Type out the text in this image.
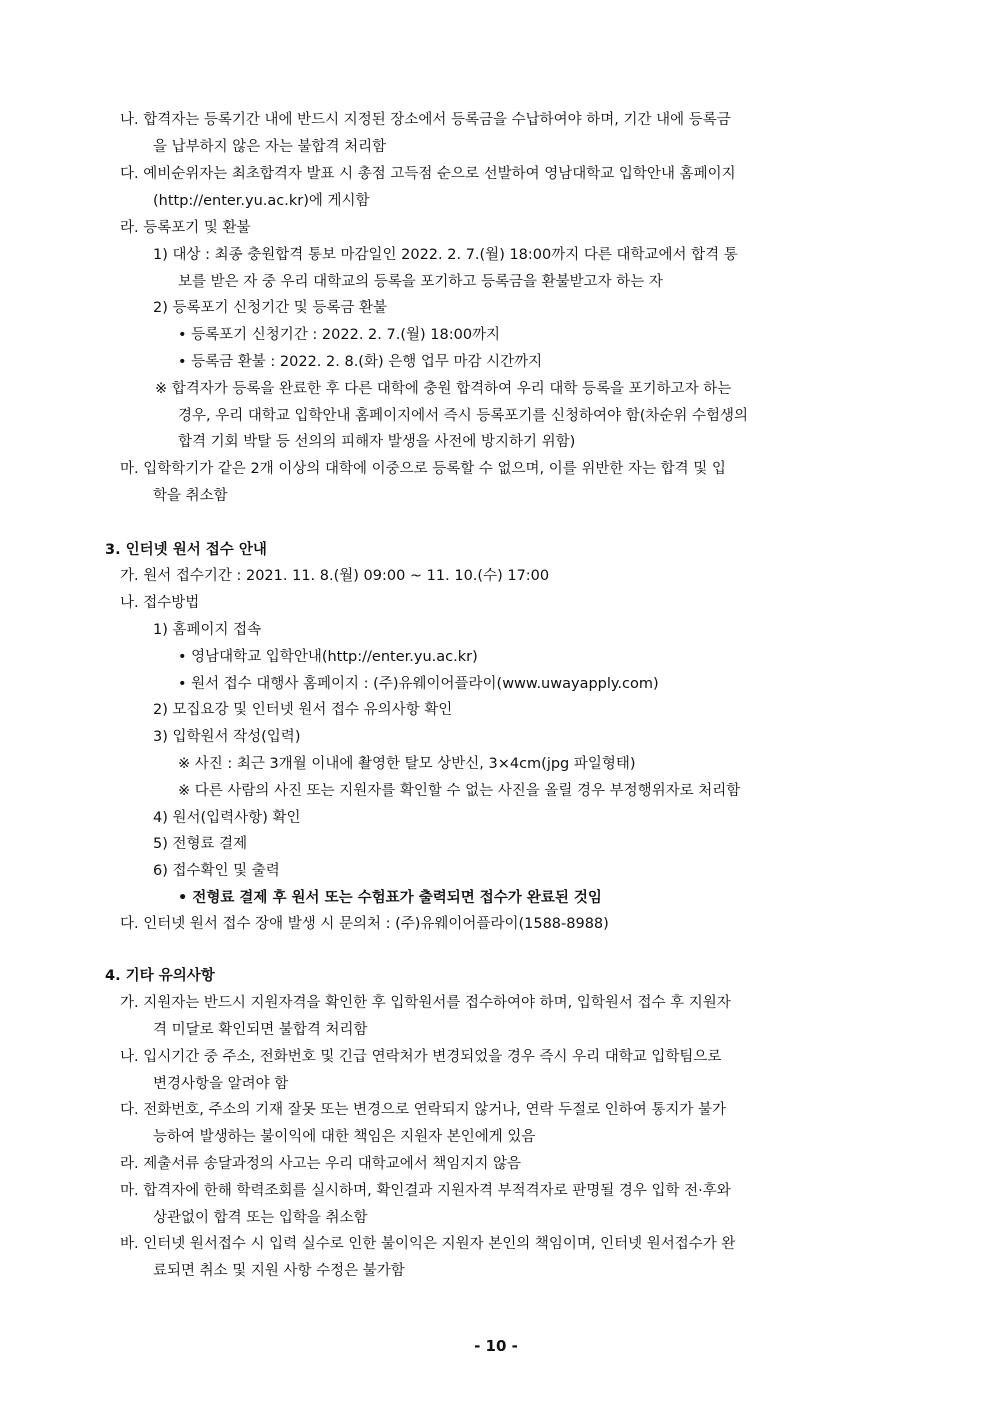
나. 합격자는 등록기간 내에 반드시 지정된 장소에서 등록금을 수납하여야 하며, 기간 내에 등록금
을 납부하지 않은 자는 불합격 처리함
다. 예비순위자는 최초합격자 발표 시 총점 고득점 순으로 선발하여 영남대학교 입학안내 홈페이지
(http://enter.yu.ac.kr)에 게시함
라. 등록포기 및 환불
1) 대상 : 최종 충원합격 통보 마감일인 2022. 2. 7.(월) 18:00까지 다른 대학교에서 합격 통
보를 받은 자 중 우리 대학교의 등록을 포기하고 등록금을 환불받고자 하는 자
2) 등록포기 신청기간 및 등록금 환불
• 등록포기 신청기간 : 2022. 2. 7.(월) 18:00까지
• 등록금 환불 : 2022. 2. 8.(화) 은행 업무 마감 시간까지
※ 합격자가 등록을 완료한 후 다른 대학에 충원 합격하여 우리 대학 등록을 포기하고자 하는
경우, 우리 대학교 입학안내 홈페이지에서 즉시 등록포기를 신청하여야 함(차순위 수험생의
합격 기회 박탈 등 선의의 피해자 발생을 사전에 방지하기 위함)
마. 입학학기가 같은 2개 이상의 대학에 이중으로 등록할 수 없으며, 이를 위반한 자는 합격 및 입
학을 취소함
3. 인터넷 원서 접수 안내
가. 원서 접수기간 : 2021. 11. 8.(월) 09:00 ~ 11. 10.(수) 17:00
나. 접수방법
1) 홈페이지 접속
• 영남대학교 입학안내(http://enter.yu.ac.kr)
• 원서 접수 대행사 홈페이지 : (주)유웨이어플라이(www.uwayapply.com)
2) 모집요강 및 인터넷 원서 접수 유의사항 확인
3) 입학원서 작성(입력)
※ 사진 : 최근 3개월 이내에 촬영한 탈모 상반신, 3×4cm(jpg 파일형태)
※ 다른 사람의 사진 또는 지원자를 확인할 수 없는 사진을 올릴 경우 부정행위자로 처리함
4) 원서(입력사항) 확인
5) 전형료 결제
6) 접수확인 및 출력
• 전형료 결제 후 원서 또는 수험표가 출력되면 접수가 완료된 것임
다. 인터넷 원서 접수 장애 발생 시 문의처 : (주)유웨이어플라이(1588-8988)
4. 기타 유의사항
가. 지원자는 반드시 지원자격을 확인한 후 입학원서를 접수하여야 하며, 입학원서 접수 후 지원자
격 미달로 확인되면 불합격 처리함
나. 입시기간 중 주소, 전화번호 및 긴급 연락처가 변경되었을 경우 즉시 우리 대학교 입학팀으로
변경사항을 알려야 함
다. 전화번호, 주소의 기재 잘못 또는 변경으로 연락되지 않거나, 연락 두절로 인하여 통지가 불가
능하여 발생하는 불이익에 대한 책임은 지원자 본인에게 있음
라. 제출서류 송달과정의 사고는 우리 대학교에서 책임지지 않음
마. 합격자에 한해 학력조회를 실시하며, 확인결과 지원자격 부적격자로 판명될 경우 입학 전·후와
상관없이 합격 또는 입학을 취소함
바. 인터넷 원서접수 시 입력 실수로 인한 불이익은 지원자 본인의 책임이며, 인터넷 원서접수가 완
료되면 취소 및 지원 사항 수정은 불가함
- 10 -
